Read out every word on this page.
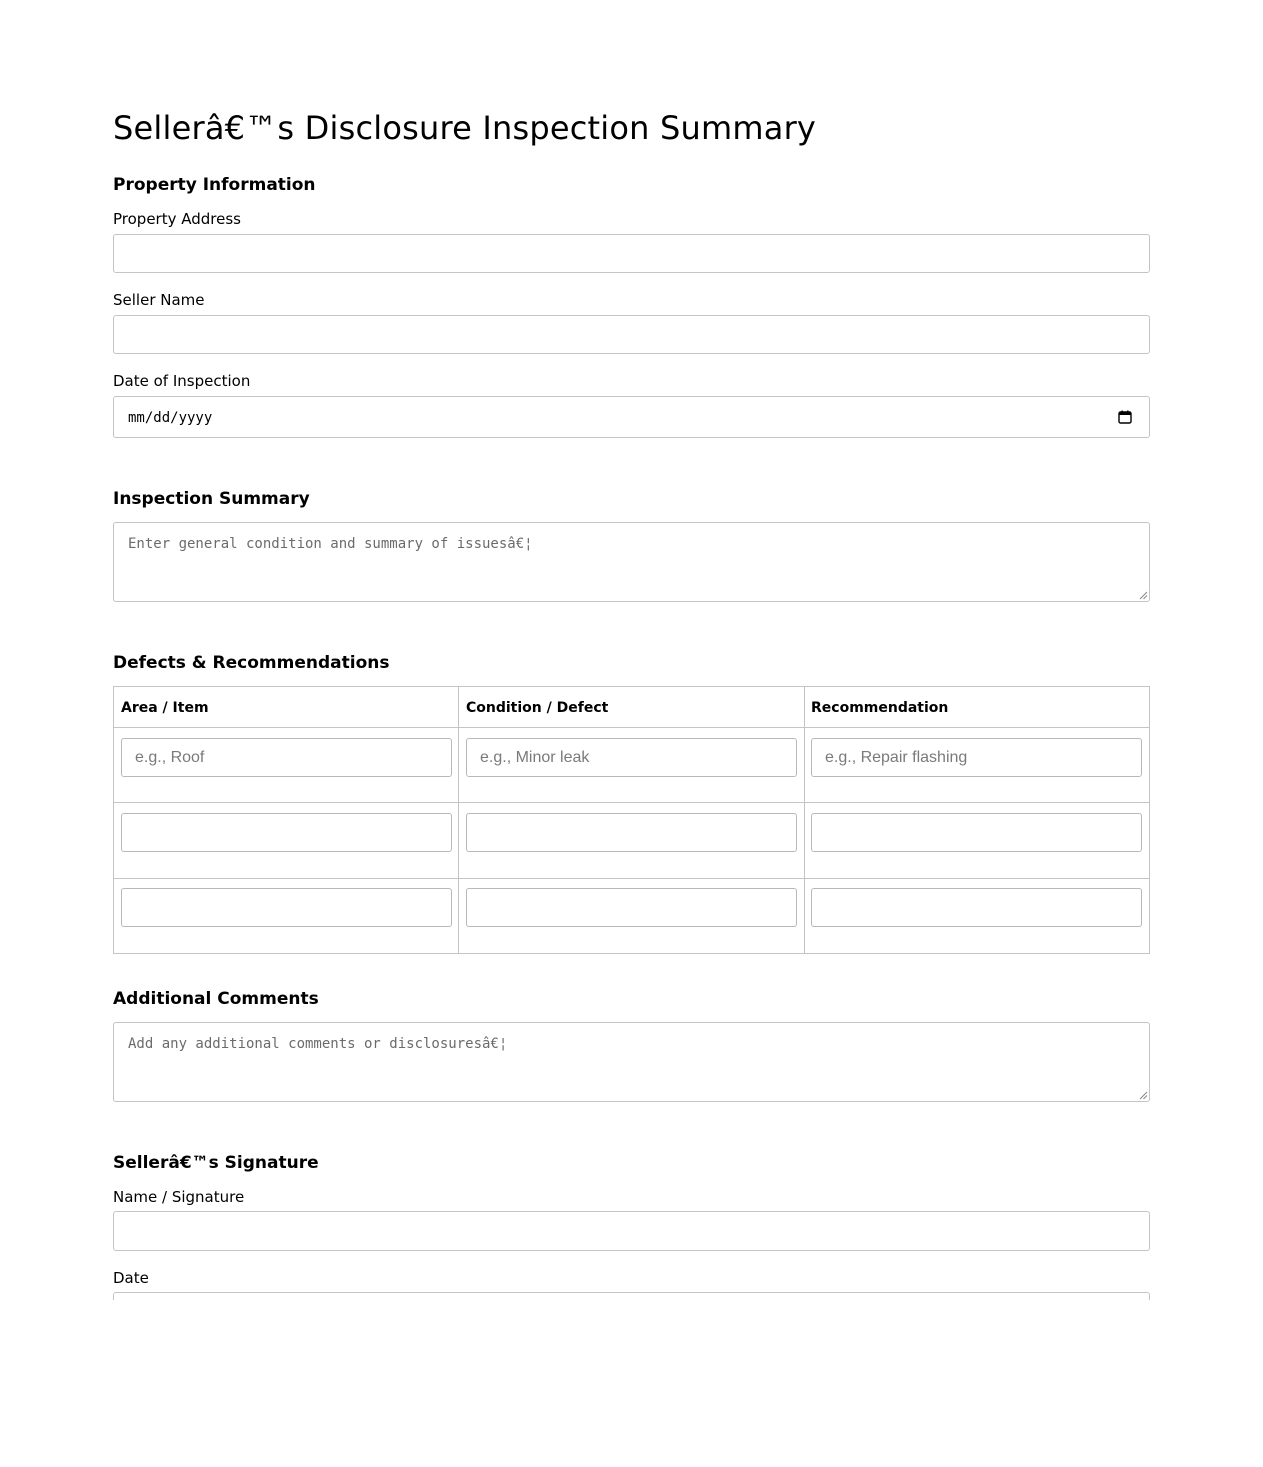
Sellerâ€™s Disclosure Inspection Summary
Property Information
Property Address
Seller Name
Date of Inspection
mm/dd/yyyy
Inspection Summary
Enter general condition and summary of issuesâ€¦
Defects & Recommendations
Area / Item	Condition / Defect	Recommendation
e.g., Roof	e.g., Minor leak	e.g., Repair flashing
Additional Comments
Add any additional comments or disclosuresâ€¦
Sellerâ€™s Signature
Name / Signature
Date
